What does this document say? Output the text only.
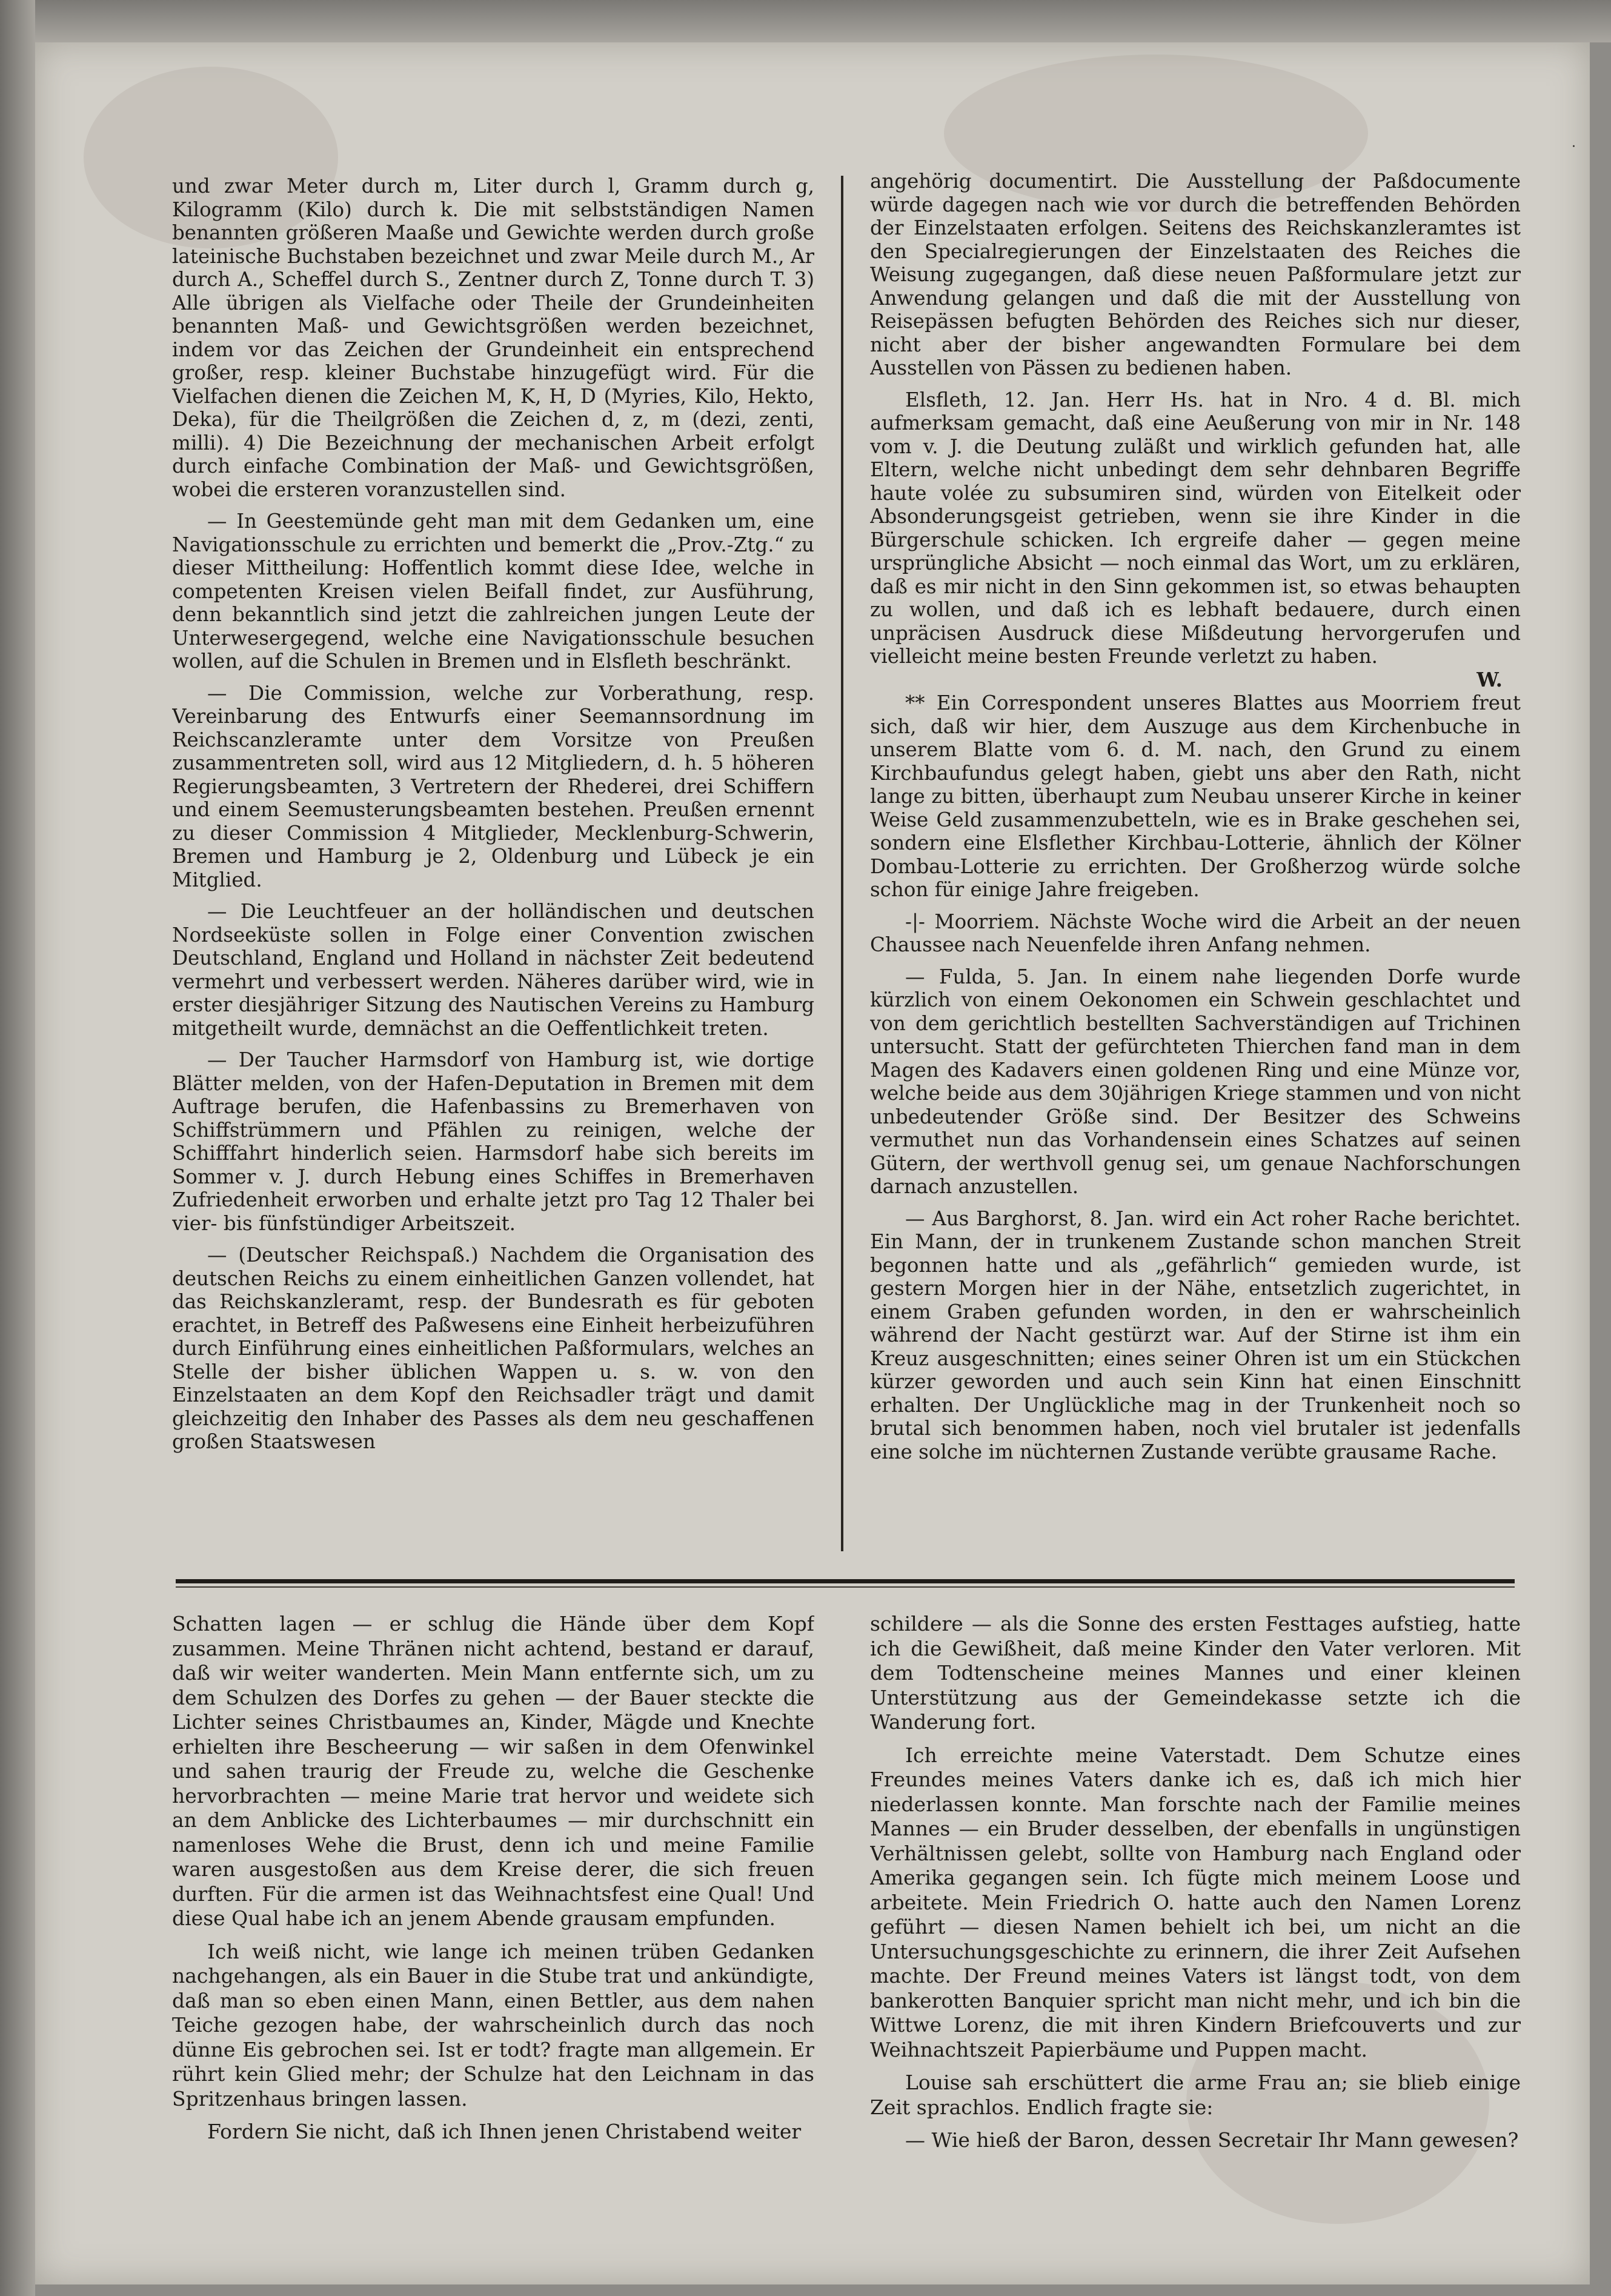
·

und zwar Meter durch m, Liter durch l, Gramm durch g, Kilogramm (Kilo) durch k. Die mit selbstständigen Namen benannten größeren Maaße und Gewichte werden durch große lateinische Buchstaben bezeichnet und zwar Meile durch M., Ar durch A., Scheffel durch S., Zentner durch Z, Tonne durch T. 3) Alle übrigen als Vielfache oder Theile der Grundeinheiten benannten Maß- und Gewichtsgrößen werden bezeichnet, indem vor das Zeichen der Grundeinheit ein entsprechend großer, resp. kleiner Buchstabe hinzugefügt wird. Für die Vielfachen dienen die Zeichen M, K, H, D (Myries, Kilo, Hekto, Deka), für die Theilgrößen die Zeichen d, z, m (dezi, zenti, milli). 4) Die Bezeichnung der mechanischen Arbeit erfolgt durch einfache Combination der Maß- und Gewichtsgrößen, wobei die ersteren voranzustellen sind.

— In Geestemünde geht man mit dem Gedanken um, eine Navigationsschule zu errichten und bemerkt die „Prov.-Ztg.“ zu dieser Mittheilung: Hoffentlich kommt diese Idee, welche in competenten Kreisen vielen Beifall findet, zur Ausführung, denn bekanntlich sind jetzt die zahlreichen jungen Leute der Unterwesergegend, welche eine Navigationsschule besuchen wollen, auf die Schulen in Bremen und in Elsfleth beschränkt.

— Die Commission, welche zur Vorberathung, resp. Vereinbarung des Entwurfs einer Seemannsordnung im Reichscanzleramte unter dem Vorsitze von Preußen zusammentreten soll, wird aus 12 Mitgliedern, d. h. 5 höheren Regierungsbeamten, 3 Vertretern der Rhederei, drei Schiffern und einem Seemusterungsbeamten bestehen. Preußen ernennt zu dieser Commission 4 Mitglieder, Mecklenburg-Schwerin, Bremen und Hamburg je 2, Oldenburg und Lübeck je ein Mitglied.

— Die Leuchtfeuer an der holländischen und deutschen Nordseeküste sollen in Folge einer Convention zwischen Deutschland, England und Holland in nächster Zeit bedeutend vermehrt und verbessert werden. Näheres darüber wird, wie in erster diesjähriger Sitzung des Nautischen Vereins zu Hamburg mitgetheilt wurde, demnächst an die Oeffentlichkeit treten.

— Der Taucher Harmsdorf von Hamburg ist, wie dortige Blätter melden, von der Hafen-Deputation in Bremen mit dem Auftrage berufen, die Hafenbassins zu Bremerhaven von Schiffstrümmern und Pfählen zu reinigen, welche der Schifffahrt hinderlich seien. Harmsdorf habe sich bereits im Sommer v. J. durch Hebung eines Schiffes in Bremerhaven Zufriedenheit erworben und erhalte jetzt pro Tag 12 Thaler bei vier- bis fünfstündiger Arbeitszeit.

— (Deutscher Reichspaß.) Nachdem die Organisation des deutschen Reichs zu einem einheitlichen Ganzen vollendet, hat das Reichskanzleramt, resp. der Bundesrath es für geboten erachtet, in Betreff des Paßwesens eine Einheit herbeizuführen durch Einführung eines einheitlichen Paßformulars, welches an Stelle der bisher üblichen Wappen u. s. w. von den Einzelstaaten an dem Kopf den Reichsadler trägt und damit gleichzeitig den Inhaber des Passes als dem neu geschaffenen großen Staatswesen

angehörig documentirt. Die Ausstellung der Paßdocumente würde dagegen nach wie vor durch die betreffenden Behörden der Einzelstaaten erfolgen. Seitens des Reichskanzleramtes ist den Specialregierungen der Einzelstaaten des Reiches die Weisung zugegangen, daß diese neuen Paßformulare jetzt zur Anwendung gelangen und daß die mit der Ausstellung von Reisepässen befugten Behörden des Reiches sich nur dieser, nicht aber der bisher angewandten Formulare bei dem Ausstellen von Pässen zu bedienen haben.

Elsfleth, 12. Jan. Herr Hs. hat in Nro. 4 d. Bl. mich aufmerksam gemacht, daß eine Aeußerung von mir in Nr. 148 vom v. J. die Deutung zuläßt und wirklich gefunden hat, alle Eltern, welche nicht unbedingt dem sehr dehnbaren Begriffe haute volée zu subsumiren sind, würden von Eitelkeit oder Absonderungsgeist getrieben, wenn sie ihre Kinder in die Bürgerschule schicken. Ich ergreife daher — gegen meine ursprüngliche Absicht — noch einmal das Wort, um zu erklären, daß es mir nicht in den Sinn gekommen ist, so etwas behaupten zu wollen, und daß ich es lebhaft bedauere, durch einen unpräcisen Ausdruck diese Mißdeutung hervorgerufen und vielleicht meine besten Freunde verletzt zu haben.

W.

** Ein Correspondent unseres Blattes aus Moorriem freut sich, daß wir hier, dem Auszuge aus dem Kirchenbuche in unserem Blatte vom 6. d. M. nach, den Grund zu einem Kirchbaufundus gelegt haben, giebt uns aber den Rath, nicht lange zu bitten, überhaupt zum Neubau unserer Kirche in keiner Weise Geld zusammenzubetteln, wie es in Brake geschehen sei, sondern eine Elsflether Kirchbau-Lotterie, ähnlich der Kölner Dombau-Lotterie zu errichten. Der Großherzog würde solche schon für einige Jahre freigeben.

-|- Moorriem. Nächste Woche wird die Arbeit an der neuen Chaussee nach Neuenfelde ihren Anfang nehmen.

— Fulda, 5. Jan. In einem nahe liegenden Dorfe wurde kürzlich von einem Oekonomen ein Schwein geschlachtet und von dem gerichtlich bestellten Sachverständigen auf Trichinen untersucht. Statt der gefürchteten Thierchen fand man in dem Magen des Kadavers einen goldenen Ring und eine Münze vor, welche beide aus dem 30jährigen Kriege stammen und von nicht unbedeutender Größe sind. Der Besitzer des Schweins vermuthet nun das Vorhandensein eines Schatzes auf seinen Gütern, der werthvoll genug sei, um genaue Nachforschungen darnach anzustellen.

— Aus Barghorst, 8. Jan. wird ein Act roher Rache berichtet. Ein Mann, der in trunkenem Zustande schon manchen Streit begonnen hatte und als „gefährlich“ gemieden wurde, ist gestern Morgen hier in der Nähe, entsetzlich zugerichtet, in einem Graben gefunden worden, in den er wahrscheinlich während der Nacht gestürzt war. Auf der Stirne ist ihm ein Kreuz ausgeschnitten; eines seiner Ohren ist um ein Stückchen kürzer geworden und auch sein Kinn hat einen Einschnitt erhalten. Der Unglückliche mag in der Trunkenheit noch so brutal sich benommen haben, noch viel brutaler ist jedenfalls eine solche im nüchternen Zustande verübte grausame Rache.

Schatten lagen — er schlug die Hände über dem Kopf zusammen. Meine Thränen nicht achtend, bestand er darauf, daß wir weiter wanderten. Mein Mann entfernte sich, um zu dem Schulzen des Dorfes zu gehen — der Bauer steckte die Lichter seines Christbaumes an, Kinder, Mägde und Knechte erhielten ihre Bescheerung — wir saßen in dem Ofenwinkel und sahen traurig der Freude zu, welche die Geschenke hervorbrachten — meine Marie trat hervor und weidete sich an dem Anblicke des Lichterbaumes — mir durchschnitt ein namenloses Wehe die Brust, denn ich und meine Familie waren ausgestoßen aus dem Kreise derer, die sich freuen durften. Für die armen ist das Weihnachtsfest eine Qual! Und diese Qual habe ich an jenem Abende grausam empfunden.

Ich weiß nicht, wie lange ich meinen trüben Gedanken nachgehangen, als ein Bauer in die Stube trat und ankündigte, daß man so eben einen Mann, einen Bettler, aus dem nahen Teiche gezogen habe, der wahrscheinlich durch das noch dünne Eis gebrochen sei. Ist er todt? fragte man allgemein. Er rührt kein Glied mehr; der Schulze hat den Leichnam in das Spritzenhaus bringen lassen.

Fordern Sie nicht, daß ich Ihnen jenen Christabend weiter

schildere — als die Sonne des ersten Festtages aufstieg, hatte ich die Gewißheit, daß meine Kinder den Vater verloren. Mit dem Todtenscheine meines Mannes und einer kleinen Unterstützung aus der Gemeindekasse setzte ich die Wanderung fort.

Ich erreichte meine Vaterstadt. Dem Schutze eines Freundes meines Vaters danke ich es, daß ich mich hier niederlassen konnte. Man forschte nach der Familie meines Mannes — ein Bruder desselben, der ebenfalls in ungünstigen Verhältnissen gelebt, sollte von Hamburg nach England oder Amerika gegangen sein. Ich fügte mich meinem Loose und arbeitete. Mein Friedrich O. hatte auch den Namen Lorenz geführt — diesen Namen behielt ich bei, um nicht an die Untersuchungsgeschichte zu erinnern, die ihrer Zeit Aufsehen machte. Der Freund meines Vaters ist längst todt, von dem bankerotten Banquier spricht man nicht mehr, und ich bin die Wittwe Lorenz, die mit ihren Kindern Briefcouverts und zur Weihnachtszeit Papierbäume und Puppen macht.

Louise sah erschüttert die arme Frau an; sie blieb einige Zeit sprachlos. Endlich fragte sie:

— Wie hieß der Baron, dessen Secretair Ihr Mann gewesen?
